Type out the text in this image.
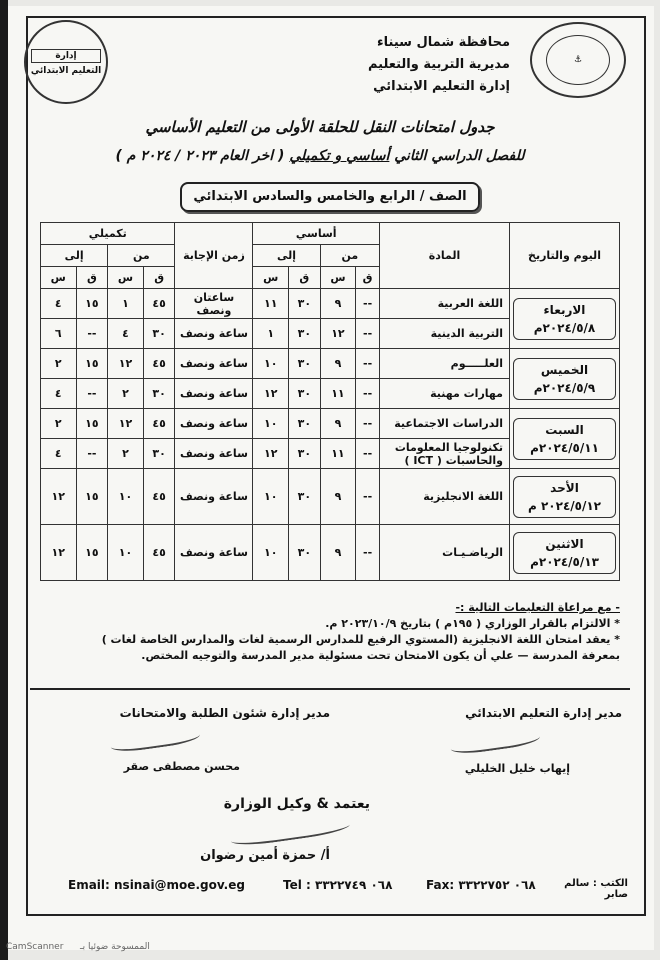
⚓
إدارة
التعليم الابتدائي
محافظة شمال سيناء
مديرية التربية والتعليم
إدارة التعليم الابتدائي
جدول امتحانات النقل للحلقة الأولى من التعليم الأساسي
للفصل الدراسي الثاني أساسي و تكميلي ( اخر العام ٢٠٢٣ / ٢٠٢٤ م )
الصف / الرابع والخامس والسادس الابتدائي
اليوم والتاريخ	المادة	أساسي				زمن الإجابة	تكميلي			
		من		إلى			من		إلى	
		ق	س	ق	س		ق	س	ق	س

الاربعاء
٢٠٢٤/٥/٨م	اللغة العربية	--	٩	٣٠	١١	ساعتان ونصف	٤٥	١	١٥	٤
	التربية الدينية	--	١٢	٣٠	١	ساعة ونصف	٣٠	٤	--	٦

الخميس
٢٠٢٤/٥/٩م	العلـــــوم	--	٩	٣٠	١٠	ساعة ونصف	٤٥	١٢	١٥	٢
	مهارات مهنية	--	١١	٣٠	١٢	ساعة ونصف	٣٠	٢	--	٤

السبت
٢٠٢٤/٥/١١م	الدراسات الاجتماعية	--	٩	٣٠	١٠	ساعة ونصف	٤٥	١٢	١٥	٢
	تكنولوجيا المعلومات والحاسبات ( ICT )	--	١١	٣٠	١٢	ساعة ونصف	٣٠	٢	--	٤

الأحد
٢٠٢٤/٥/١٢ م	اللغة الانجليزية	--	٩	٣٠	١٠	ساعة ونصف	٤٥	١٠	١٥	١٢

الاثنين
٢٠٢٤/٥/١٣م	الرياضـيـات	--	٩	٣٠	١٠	ساعة ونصف	٤٥	١٠	١٥	١٢
- مع مراعاة التعليمات التالية :-
* الالتزام بالقرار الوزاري ( ١٩٥م ) بتاريخ ٢٠٢٣/١٠/٩ م.
* يعقد امتحان اللغة الانجليزية (المستوي الرفيع للمدارس الرسمية لغات والمدارس الخاصة لغات )
بمعرفة المدرسة — علي أن يكون الامتحان تحت مسئولية مدير المدرسة والتوجيه المختص.
مدير إدارة التعليم الابتدائي
إيهاب خليل الخليلي
مدير إدارة شئون الطلبة والامتحانات
محسن مصطفى صقر
يعتمد & وكيل الوزارة
أ/ حمزة أمين رضوان
Email: nsinai@moe.gov.eg	Tel : ٠٦٨ ٣٣٢٢٧٤٩	Fax: ٠٦٨ ٣٣٢٢٧٥٢	الكتب : سالم صابر
CamScanner الممسوحة ضوئيا بـ
